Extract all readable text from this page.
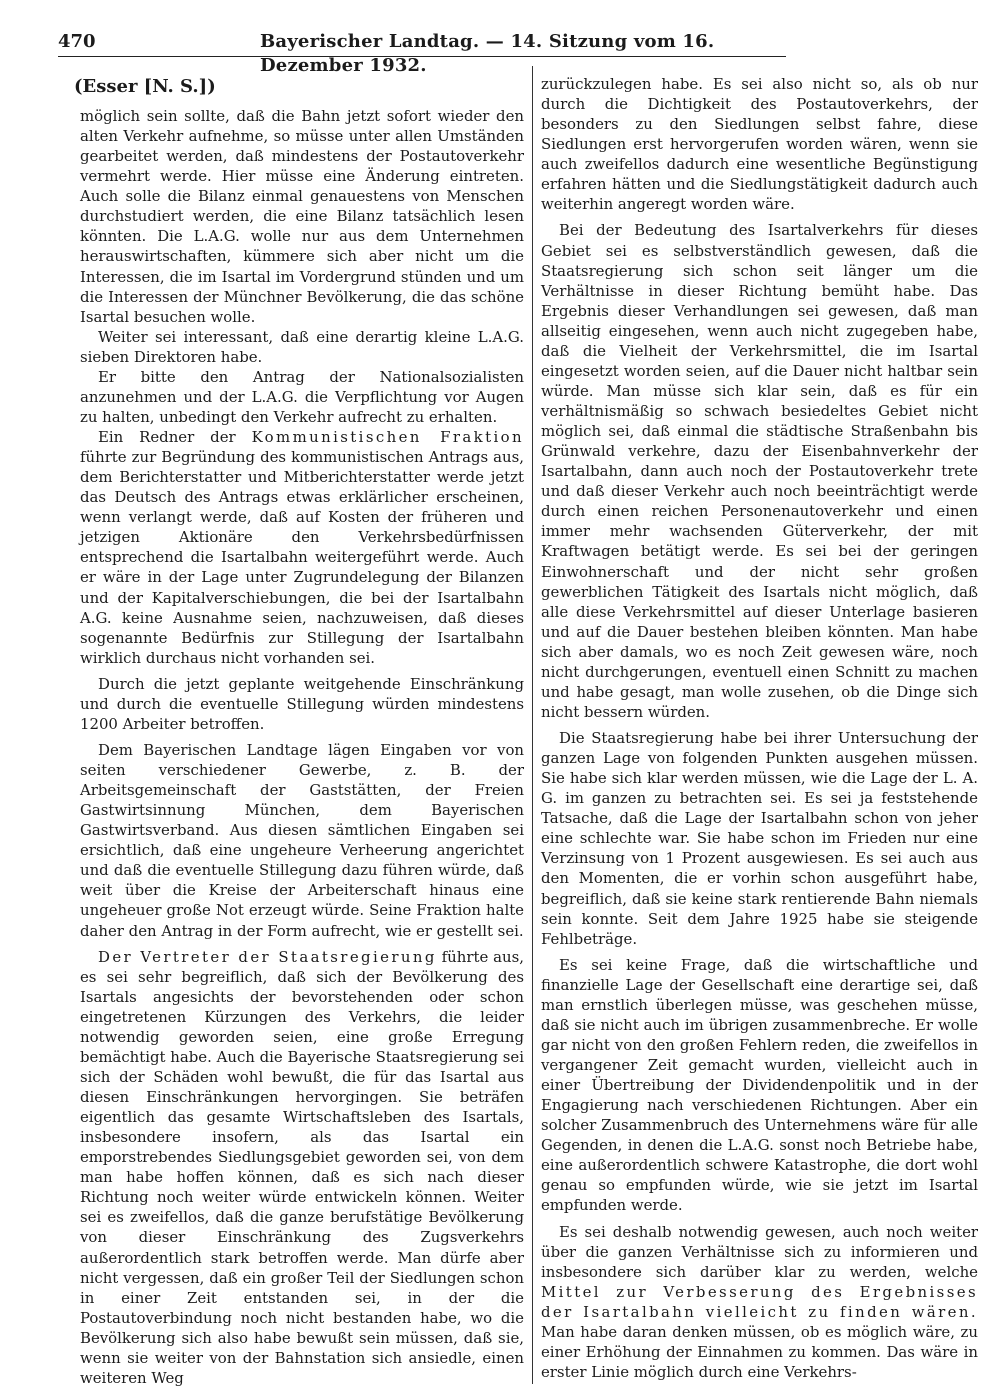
470	Bayerischer Landtag. — 14. Sitzung vom 16. Dezember 1932.
(Esser [N. S.])

möglich sein sollte, daß die Bahn jetzt sofort wieder den alten Verkehr aufnehme, so müsse unter allen Umständen gearbeitet werden, daß mindestens der Postautoverkehr vermehrt werde. Hier müsse eine Änderung eintreten. Auch solle die Bilanz einmal genauestens von Menschen durchstudiert werden, die eine Bilanz tatsächlich lesen könnten. Die L.A.G. wolle nur aus dem Unternehmen herauswirtschaften, kümmere sich aber nicht um die Interessen, die im Isartal im Vordergrund stünden und um die Interessen der Münchner Bevölkerung, die das schöne Isartal besuchen wolle.

Weiter sei interessant, daß eine derartig kleine L.A.G. sieben Direktoren habe.

Er bitte den Antrag der Nationalsozialisten anzunehmen und der L.A.G. die Verpflichtung vor Augen zu halten, unbedingt den Verkehr aufrecht zu erhalten.

Ein Redner der Kommunistischen Fraktion führte zur Begründung des kommunistischen Antrags aus, dem Berichterstatter und Mitberichterstatter werde jetzt das Deutsch des Antrags etwas erklärlicher erscheinen, wenn verlangt werde, daß auf Kosten der früheren und jetzigen Aktionäre den Verkehrsbedürfnissen entsprechend die Isartalbahn weitergeführt werde. Auch er wäre in der Lage unter Zugrundelegung der Bilanzen und der Kapitalverschiebungen, die bei der Isartalbahn A.G. keine Ausnahme seien, nachzuweisen, daß dieses sogenannte Bedürfnis zur Stillegung der Isartalbahn wirklich durchaus nicht vorhanden sei.

Durch die jetzt geplante weitgehende Einschränkung und durch die eventuelle Stillegung würden mindestens 1200 Arbeiter betroffen.

Dem Bayerischen Landtage lägen Eingaben vor von seiten verschiedener Gewerbe, z. B. der Arbeitsgemeinschaft der Gaststätten, der Freien Gastwirtsinnung München, dem Bayerischen Gastwirtsverband. Aus diesen sämtlichen Eingaben sei ersichtlich, daß eine ungeheure Verheerung angerichtet und daß die eventuelle Stillegung dazu führen würde, daß weit über die Kreise der Arbeiterschaft hinaus eine ungeheuer große Not erzeugt würde. Seine Fraktion halte daher den Antrag in der Form aufrecht, wie er gestellt sei.

Der Vertreter der Staatsregierung führte aus, es sei sehr begreiflich, daß sich der Bevölkerung des Isartals angesichts der bevorstehenden oder schon eingetretenen Kürzungen des Verkehrs, die leider notwendig geworden seien, eine große Erregung bemächtigt habe. Auch die Bayerische Staatsregierung sei sich der Schäden wohl bewußt, die für das Isartal aus diesen Einschränkungen hervorgingen. Sie beträfen eigentlich das gesamte Wirtschaftsleben des Isartals, insbesondere insofern, als das Isartal ein emporstrebendes Siedlungsgebiet geworden sei, von dem man habe hoffen können, daß es sich nach dieser Richtung noch weiter würde entwickeln können. Weiter sei es zweifellos, daß die ganze berufstätige Bevölkerung von dieser Einschränkung des Zugsverkehrs außerordentlich stark betroffen werde. Man dürfe aber nicht vergessen, daß ein großer Teil der Siedlungen schon in einer Zeit entstanden sei, in der die Postautoverbindung noch nicht bestanden habe, wo die Bevölkerung sich also habe bewußt sein müssen, daß sie, wenn sie weiter von der Bahnstation sich ansiedle, einen weiteren Weg

zurückzulegen habe. Es sei also nicht so, als ob nur durch die Dichtigkeit des Postautoverkehrs, der besonders zu den Siedlungen selbst fahre, diese Siedlungen erst hervorgerufen worden wären, wenn sie auch zweifellos dadurch eine wesentliche Begünstigung erfahren hätten und die Siedlungstätigkeit dadurch auch weiterhin angeregt worden wäre.

Bei der Bedeutung des Isartalverkehrs für dieses Gebiet sei es selbstverständlich gewesen, daß die Staatsregierung sich schon seit länger um die Verhältnisse in dieser Richtung bemüht habe. Das Ergebnis dieser Verhandlungen sei gewesen, daß man allseitig eingesehen, wenn auch nicht zugegeben habe, daß die Vielheit der Verkehrsmittel, die im Isartal eingesetzt worden seien, auf die Dauer nicht haltbar sein würde. Man müsse sich klar sein, daß es für ein verhältnismäßig so schwach besiedeltes Gebiet nicht möglich sei, daß einmal die städtische Straßenbahn bis Grünwald verkehre, dazu der Eisenbahnverkehr der Isartalbahn, dann auch noch der Postautoverkehr trete und daß dieser Verkehr auch noch beeinträchtigt werde durch einen reichen Personenautoverkehr und einen immer mehr wachsenden Güterverkehr, der mit Kraftwagen betätigt werde. Es sei bei der geringen Einwohnerschaft und der nicht sehr großen gewerblichen Tätigkeit des Isartals nicht möglich, daß alle diese Verkehrsmittel auf dieser Unterlage basieren und auf die Dauer bestehen bleiben könnten. Man habe sich aber damals, wo es noch Zeit gewesen wäre, noch nicht durchgerungen, eventuell einen Schnitt zu machen und habe gesagt, man wolle zusehen, ob die Dinge sich nicht bessern würden.

Die Staatsregierung habe bei ihrer Untersuchung der ganzen Lage von folgenden Punkten ausgehen müssen. Sie habe sich klar werden müssen, wie die Lage der L. A. G. im ganzen zu betrachten sei. Es sei ja feststehende Tatsache, daß die Lage der Isartalbahn schon von jeher eine schlechte war. Sie habe schon im Frieden nur eine Verzinsung von 1 Prozent ausgewiesen. Es sei auch aus den Momenten, die er vorhin schon ausgeführt habe, begreiflich, daß sie keine stark rentierende Bahn niemals sein konnte. Seit dem Jahre 1925 habe sie steigende Fehlbeträge.

Es sei keine Frage, daß die wirtschaftliche und finanzielle Lage der Gesellschaft eine derartige sei, daß man ernstlich überlegen müsse, was geschehen müsse, daß sie nicht auch im übrigen zusammenbreche. Er wolle gar nicht von den großen Fehlern reden, die zweifellos in vergangener Zeit gemacht wurden, vielleicht auch in einer Übertreibung der Dividendenpolitik und in der Engagierung nach verschiedenen Richtungen. Aber ein solcher Zusammenbruch des Unternehmens wäre für alle Gegenden, in denen die L.A.G. sonst noch Betriebe habe, eine außerordentlich schwere Katastrophe, die dort wohl genau so empfunden würde, wie sie jetzt im Isartal empfunden werde.

Es sei deshalb notwendig gewesen, auch noch weiter über die ganzen Verhältnisse sich zu informieren und insbesondere sich darüber klar zu werden, welche Mittel zur Verbesserung des Ergebnisses der Isartalbahn vielleicht zu finden wären. Man habe daran denken müssen, ob es möglich wäre, zu einer Erhöhung der Einnahmen zu kommen. Das wäre in erster Linie möglich durch eine Verkehrs-
